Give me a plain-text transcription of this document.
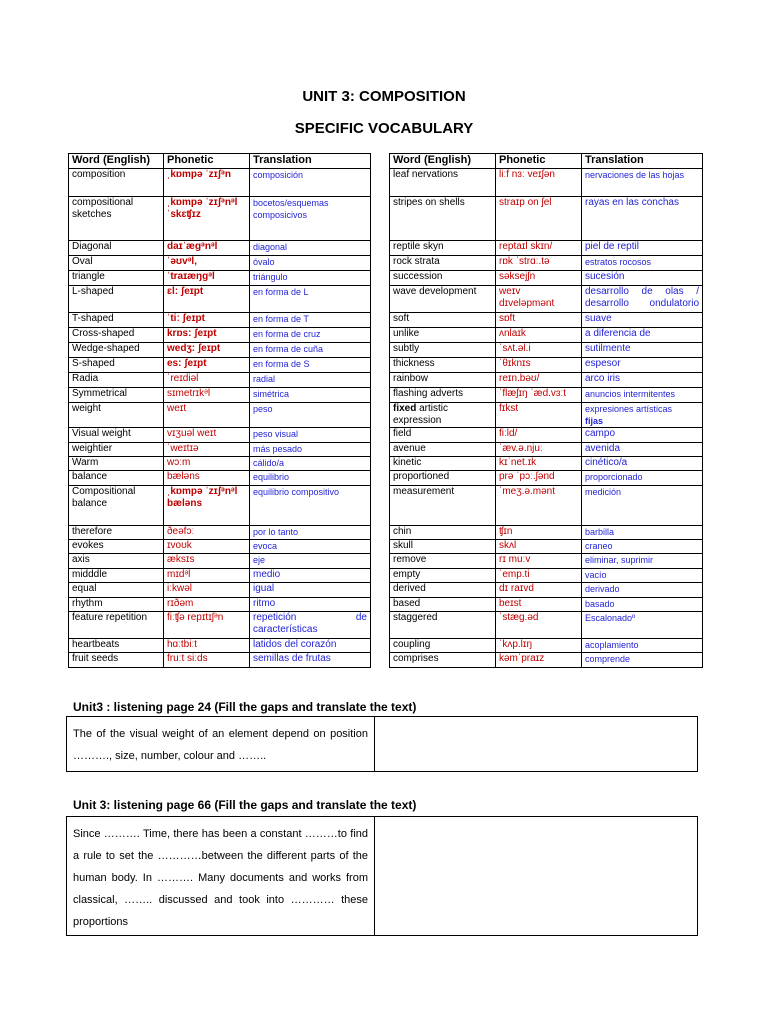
UNIT 3: COMPOSITION
SPECIFIC VOCABULARY
Word (English)	Phonetic	Translation
composition	ˌkɒmpə ˈzɪʃᵊn	composición
compositional sketches	ˌkɒmpə ˈzɪʃᵊnᵊl ˈskɛʧɪz	bocetos/esquemas composicivos
Diagonal	daɪˈæɡᵊnᵊl	diagonal
Oval	ˈəʊvᵊl,	óvalo
triangle	ˈtraɪæŋɡᵊl	triángulo
L-shaped	ɛl: ʃeɪpt	en forma de L
T-shaped	ˈtiː ʃeɪpt	en forma de T
Cross-shaped	krɒs: ʃeɪpt	en forma de cruz
Wedge-shaped	wedʒ: ʃeɪpt	en forma de cuña
S-shaped	es: ʃeɪpt	en forma de S
Radia	ˈreɪdiəl	radial
Symmetrical	sɪmetrɪkᵊl	simétrica
weight	weɪt	peso
Visual weight	vɪʒuəl weɪt	peso visual
weightier	ˈweɪtɪə	más pesado
Warm	wɔːm	cálido/a
balance	bæləns	equilibrio
Compositional balance	ˌkɒmpə ˈzɪʃᵊnᵊl bæləns	equilibrio compositivo
therefore	ðeəfɔː	por lo tanto
evokes	ɪvoʊk	evoca
axis	æksɪs	eje
midddle	mɪdᵊl	medio
equal	iːkwəl	igual
rhythm	rɪðəm	ritmo
feature repetition	fiːʧə repɪtɪʃᵊn	repetición de características
heartbeats	hɑːtbiːt	latidos del corazón
fruit seeds	fruːt siːds	semillas de frutas
Word (English)	Phonetic	Translation
leaf nervations	liːf nɜː veɪʃən	nervaciones de las hojas
stripes on shells	straɪp on ʃel	rayas en las conchas
reptile skyn	reptaɪl skɪn/	piel de reptil
rock strata	rɒk ˈstrɑː.tə	estratos rocosos
succession	səksejʃn	sucesión
wave development	weɪv dɪveləpmənt	desarrollo de olas / desarrollo ondulatorio
soft	sɒft	suave
unlike	ʌnlaɪk	a diferencia de
subtly	ˈsʌt.əl.i	sutilmente
thickness	ˈθɪknɪs	espesor
rainbow	reɪn.bəʊ/	arco iris
flashing adverts	ˈflæʃɪŋ ˈæd.vɜːt	anuncios intermitentes
fixed artistic expression	fɪkst	expresiones artísticas
fijas
field	fiːld/	campo
avenue	ˈæv.ə.njuː	avenida
kinetic	kɪˈnet.ɪk	cinético/a
proportioned	prə ˈpɔː.ʃənd	proporcionado
measurement	ˈmeʒ.ə.mənt	medición
chin	ʧɪn	barbilla
skull	skʌl	craneo
remove	rɪ muːv	eliminar, suprimir
empty	ˈemp.ti	vacío
derived	dɪ raɪvd	derivado
based	beɪst	basado
staggered	ˈstæɡ.əd	Escalonadoº
coupling	ˈkʌp.lɪŋ	acoplamiento
comprises	kəmˈpraɪz	comprende
Unit3 : listening page 24 (Fill the gaps and translate the text)
The of the visual weight of an element depend on position ………., size, number, colour and ……..
Unit 3: listening page 66 (Fill the gaps and translate the text)
Since ………. Time, there has been a constant ………to find a rule to set the …………between the different parts of the human body. In ………. Many documents and works from classical, …….. discussed and took into ………… these proportions
